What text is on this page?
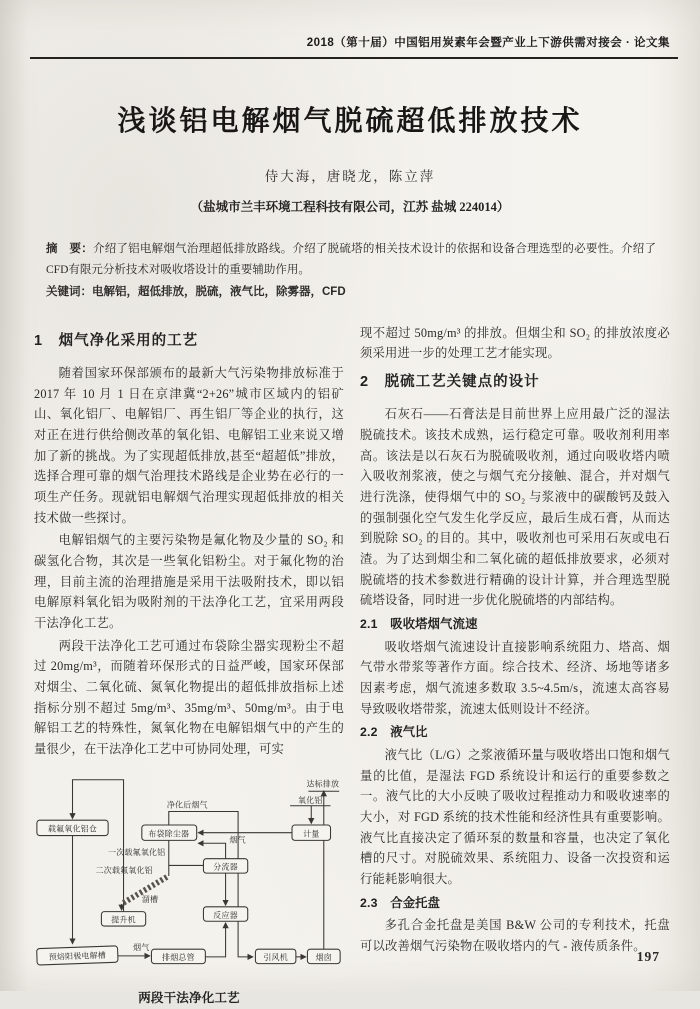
2018（第十届）中国铝用炭素年会暨产业上下游供需对接会 · 论文集
浅谈铝电解烟气脱硫超低排放技术
侍大海，唐晓龙，陈立萍
（盐城市兰丰环境工程科技有限公司，江苏 盐城 224014）

摘　要：介绍了铝电解烟气治理超低排放路线。介绍了脱硫塔的相关技术设计的依据和设备合理选型的必要性。介绍了CFD有限元分析技术对吸收塔设计的重要辅助作用。

关键词：电解铝，超低排放，脱硫，液气比，除雾器，CFD

1　烟气净化采用的工艺

随着国家环保部颁布的最新大气污染物排放标准于 2017 年 10 月 1 日在京津冀“2+26”城市区域内的铝矿山、氧化铝厂、电解铝厂、再生铝厂等企业的执行，这对正在进行供给侧改革的氧化铝、电解铝工业来说又增加了新的挑战。为了实现超低排放,甚至“超超低”排放，选择合理可靠的烟气治理技术路线是企业势在必行的一项生产任务。现就铝电解烟气治理实现超低排放的相关技术做一些探讨。

电解铝烟气的主要污染物是氟化物及少量的 SO₂ 和碳氢化合物，其次是一些氧化铝粉尘。对于氟化物的治理，目前主流的治理措施是采用干法吸附技术，即以铝电解原料氧化铝为吸附剂的干法净化工艺，宜采用两段干法净化工艺。

两段干法净化工艺可通过布袋除尘器实现粉尘不超过 20mg/m³，而随着环保形式的日益严峻，国家环保部对烟尘、二氧化硫、氮氧化物提出的超低排放指标上述指标分别不超过 5mg/m³、35mg/m³、50mg/m³。由于电解铝工艺的特殊性，氮氧化物在电解铝烟气中的产生的量很少，在干法净化工艺中可协同处理，可实

载氟氧化铝仓
布袋除尘器	计量
分流器
提升机
反应器
预焙阳极电解槽	排烟总管	引风机	烟囱
净化后烟气
氧化铝
达标排放
烟气
烟气
一次载氟氧化铝
二次载氟氧化铝
溜槽
两段干法净化工艺

现不超过 50mg/m³ 的排放。但烟尘和 SO₂ 的排放浓度必须采用进一步的处理工艺才能实现。

2　脱硫工艺关键点的设计

石灰石——石膏法是目前世界上应用最广泛的湿法脱硫技术。该技术成熟，运行稳定可靠。吸收剂利用率高。该法是以石灰石为脱硫吸收剂，通过向吸收塔内喷入吸收剂浆液，使之与烟气充分接触、混合，并对烟气进行洗涤，使得烟气中的 SO₂ 与浆液中的碳酸钙及鼓入的强制强化空气发生化学反应，最后生成石膏，从而达到脱除 SO₂ 的目的。其中，吸收剂也可采用石灰或电石渣。为了达到烟尘和二氧化硫的超低排放要求，必须对脱硫塔的技术参数进行精确的设计计算，并合理选型脱硫塔设备，同时进一步优化脱硫塔的内部结构。

2.1　吸收塔烟气流速

吸收塔烟气流速设计直接影响系统阻力、塔高、烟气带水带浆等著作方面。综合技术、经济、场地等诸多因素考虑，烟气流速多数取 3.5~4.5m/s，流速太高容易导致吸收塔带浆，流速太低则设计不经济。

2.2　液气比

液气比（L/G）之浆液循环量与吸收塔出口饱和烟气量的比值，是湿法 FGD 系统设计和运行的重要参数之一。液气比的大小反映了吸收过程推动力和吸收速率的大小，对 FGD 系统的技术性能和经济性具有重要影响。液气比直接决定了循环泵的数量和容量，也决定了氧化槽的尺寸。对脱硫效果、系统阻力、设备一次投资和运行能耗影响很大。

2.3　合金托盘

多孔合金托盘是美国 B&W 公司的专利技术，托盘可以改善烟气污染物在吸收塔内的气 - 液传质条件。

197
